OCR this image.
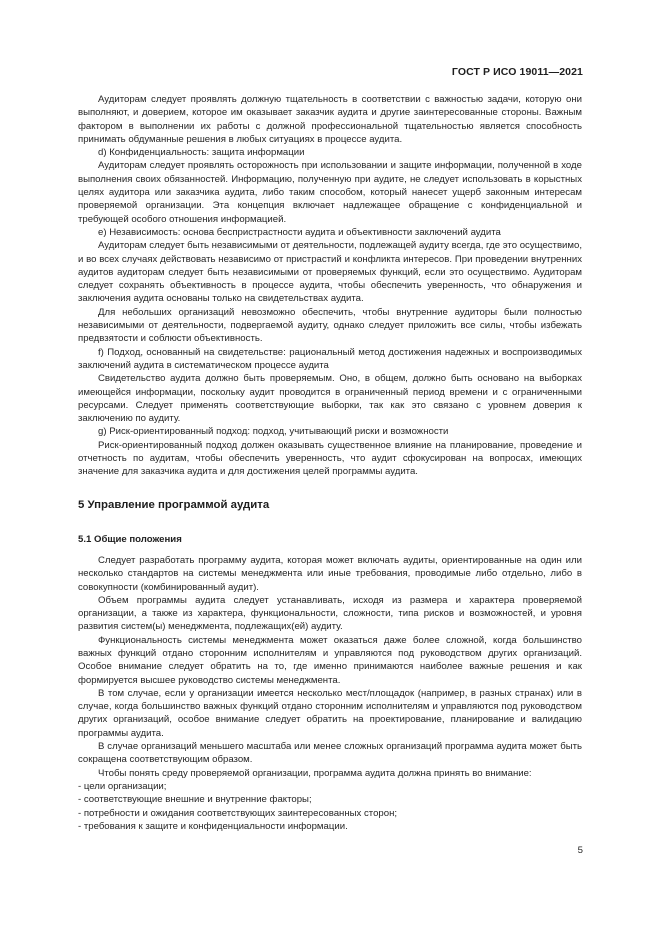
ГОСТ Р ИСО 19011—2021

Аудиторам следует проявлять должную тщательность в соответствии с важностью задачи, которую они выполняют, и доверием, которое им оказывает заказчик аудита и другие заинтересованные стороны. Важным фактором в выполнении их работы с должной профессиональной тщательностью является способность принимать обдуманные решения в любых ситуациях в процессе аудита.

d) Конфиденциальность: защита информации

Аудиторам следует проявлять осторожность при использовании и защите информации, полученной в ходе выполнения своих обязанностей. Информацию, полученную при аудите, не следует использовать в корыстных целях аудитора или заказчика аудита, либо таким способом, который нанесет ущерб законным интересам проверяемой организации. Эта концепция включает надлежащее обращение с конфиденциальной и требующей особого отношения информацией.

e) Независимость: основа беспристрастности аудита и объективности заключений аудита

Аудиторам следует быть независимыми от деятельности, подлежащей аудиту всегда, где это осуществимо, и во всех случаях действовать независимо от пристрастий и конфликта интересов. При проведении внутренних аудитов аудиторам следует быть независимыми от проверяемых функций, если это осуществимо. Аудиторам следует сохранять объективность в процессе аудита, чтобы обеспечить уверенность, что обнаружения и заключения аудита основаны только на свидетельствах аудита.

Для небольших организаций невозможно обеспечить, чтобы внутренние аудиторы были полностью независимыми от деятельности, подвергаемой аудиту, однако следует приложить все силы, чтобы избежать предвзятости и соблюсти объективность.

f) Подход, основанный на свидетельстве: рациональный метод достижения надежных и воспроизводимых заключений аудита в систематическом процессе аудита

Свидетельство аудита должно быть проверяемым. Оно, в общем, должно быть основано на выборках имеющейся информации, поскольку аудит проводится в ограниченный период времени и с ограниченными ресурсами. Следует применять соответствующие выборки, так как это связано с уровнем доверия к заключению по аудиту.

g) Риск-ориентированный подход: подход, учитывающий риски и возможности

Риск-ориентированный подход должен оказывать существенное влияние на планирование, проведение и отчетность по аудитам, чтобы обеспечить уверенность, что аудит сфокусирован на вопросах, имеющих значение для заказчика аудита и для достижения целей программы аудита.

5 Управление программой аудита
5.1 Общие положения

Следует разработать программу аудита, которая может включать аудиты, ориентированные на один или несколько стандартов на системы менеджмента или иные требования, проводимые либо отдельно, либо в совокупности (комбинированный аудит).

Объем программы аудита следует устанавливать, исходя из размера и характера проверяемой организации, а также из характера, функциональности, сложности, типа рисков и возможностей, и уровня развития систем(ы) менеджмента, подлежащих(ей) аудиту.

Функциональность системы менеджмента может оказаться даже более сложной, когда большинство важных функций отдано сторонним исполнителям и управляются под руководством других организаций. Особое внимание следует обратить на то, где именно принимаются наиболее важные решения и как формируется высшее руководство системы менеджмента.

В том случае, если у организации имеется несколько мест/площадок (например, в разных странах) или в случае, когда большинство важных функций отдано сторонним исполнителям и управляются под руководством других организаций, особое внимание следует обратить на проектирование, планирование и валидацию программы аудита.

В случае организаций меньшего масштаба или менее сложных организаций программа аудита может быть сокращена соответствующим образом.

Чтобы понять среду проверяемой организации, программа аудита должна принять во внимание:

- цели организации;

- соответствующие внешние и внутренние факторы;

- потребности и ожидания соответствующих заинтересованных сторон;

- требования к защите и конфиденциальности информации.

5
